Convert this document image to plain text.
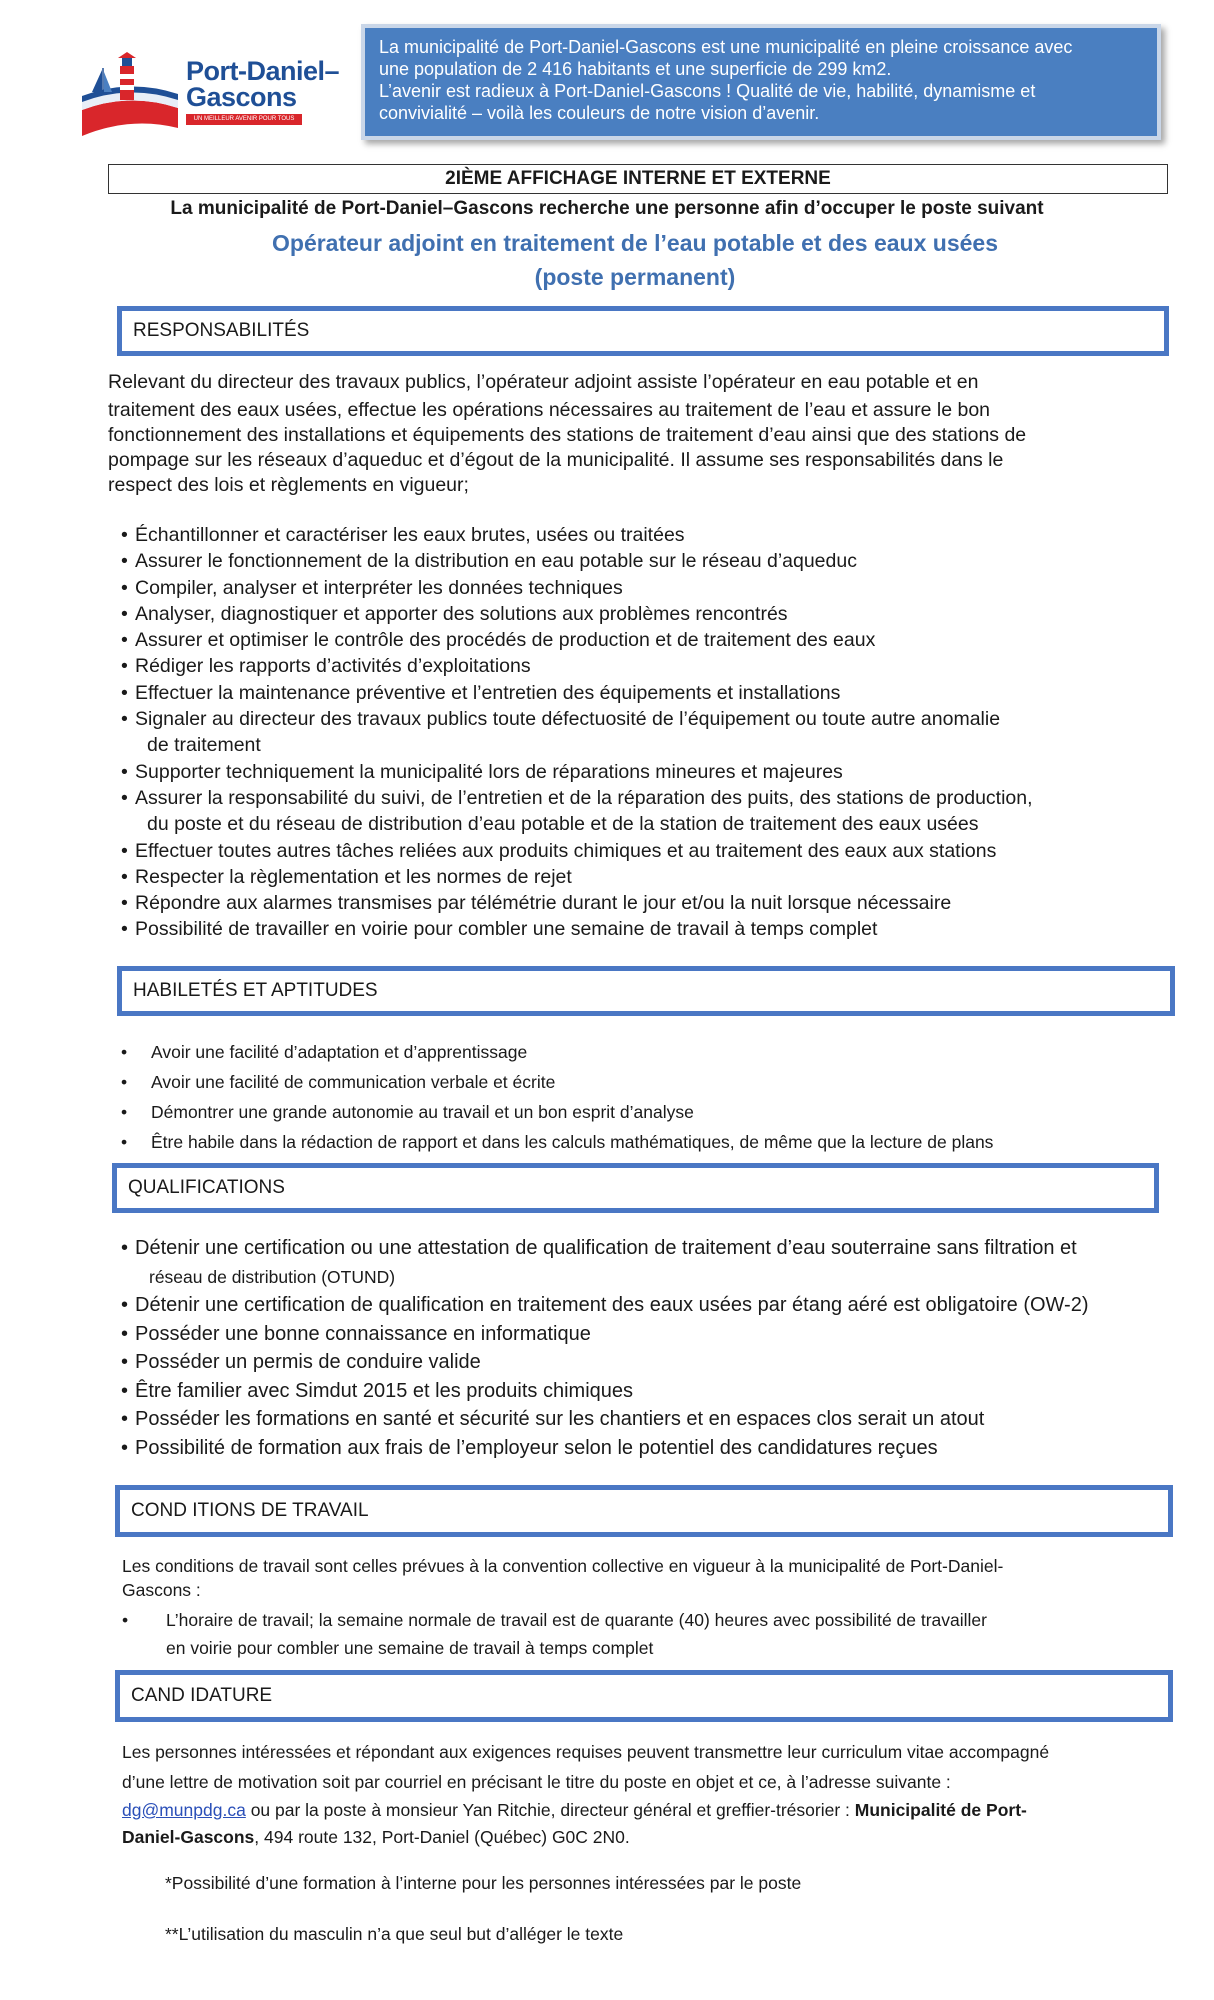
Port-Daniel–
Gascons
UN MEILLEUR AVENIR POUR TOUS

La municipalité de Port-Daniel-Gascons est une municipalité en pleine croissance avec

une population de 2 416 habitants et une superficie de 299 km2.

L’avenir est radieux à Port-Daniel-Gascons ! Qualité de vie, habilité, dynamisme et

convivialité – voilà les couleurs de notre vision d’avenir.

2IÈME AFFICHAGE INTERNE ET EXTERNE
La municipalité de Port-Daniel–Gascons recherche une personne afin d’occuper le poste suivant
Opérateur adjoint en traitement de l’eau potable et des eaux usées
(poste permanent)
RESPONSABILITÉS
Relevant du directeur des travaux publics, l’opérateur adjoint assiste l’opérateur en eau potable et en
traitement des eaux usées, effectue les opérations nécessaires au traitement de l’eau et assure le bon
fonctionnement des installations et équipements des stations de traitement d’eau ainsi que des stations de
pompage sur les réseaux d’aqueduc et d’égout de la municipalité. Il assume ses responsabilités dans le
respect des lois et règlements en vigueur;
• Échantillonner et caractériser les eaux brutes, usées ou traitées
• Assurer le fonctionnement de la distribution en eau potable sur le réseau d’aqueduc
• Compiler, analyser et interpréter les données techniques
• Analyser, diagnostiquer et apporter des solutions aux problèmes rencontrés
• Assurer et optimiser le contrôle des procédés de production et de traitement des eaux
• Rédiger les rapports d’activités d’exploitations
• Effectuer la maintenance préventive et l’entretien des équipements et installations
• Signaler au directeur des travaux publics toute défectuosité de l’équipement ou toute autre anomalie
de traitement
• Supporter techniquement la municipalité lors de réparations mineures et majeures
• Assurer la responsabilité du suivi, de l’entretien et de la réparation des puits, des stations de production,
du poste et du réseau de distribution d’eau potable et de la station de traitement des eaux usées
• Effectuer toutes autres tâches reliées aux produits chimiques et au traitement des eaux aux stations
• Respecter la règlementation et les normes de rejet
• Répondre aux alarmes transmises par télémétrie durant le jour et/ou la nuit lorsque nécessaire
• Possibilité de travailler en voirie pour combler une semaine de travail à temps complet
HABILETÉS ET APTITUDES
• Avoir une facilité d’adaptation et d’apprentissage
• Avoir une facilité de communication verbale et écrite
• Démontrer une grande autonomie au travail et un bon esprit d’analyse
• Être habile dans la rédaction de rapport et dans les calculs mathématiques, de même que la lecture de plans
QUALIFICATIONS
• Détenir une certification ou une attestation de qualification de traitement d’eau souterraine sans filtration et
réseau de distribution (OTUND)
• Détenir une certification de qualification en traitement des eaux usées par étang aéré est obligatoire (OW-2)
• Posséder une bonne connaissance en informatique
• Posséder un permis de conduire valide
• Être familier avec Simdut 2015 et les produits chimiques
• Posséder les formations en santé et sécurité sur les chantiers et en espaces clos serait un atout
• Possibilité de formation aux frais de l’employeur selon le potentiel des candidatures reçues
COND ITIONS DE TRAVAIL
Les conditions de travail sont celles prévues à la convention collective en vigueur à la municipalité de Port-Daniel-
Gascons :
• L’horaire de travail; la semaine normale de travail est de quarante (40) heures avec possibilité de travailler
en voirie pour combler une semaine de travail à temps complet
CAND IDATURE
Les personnes intéressées et répondant aux exigences requises peuvent transmettre leur curriculum vitae accompagné
d’une lettre de motivation soit par courriel en précisant le titre du poste en objet et ce, à l’adresse suivante :
dg@munpdg.ca ou par la poste à monsieur Yan Ritchie, directeur général et greffier-trésorier : Municipalité de Port-
Daniel-Gascons, 494 route 132, Port-Daniel (Québec) G0C 2N0.
*Possibilité d’une formation à l’interne pour les personnes intéressées par le poste
**L’utilisation du masculin n’a que seul but d’alléger le texte
